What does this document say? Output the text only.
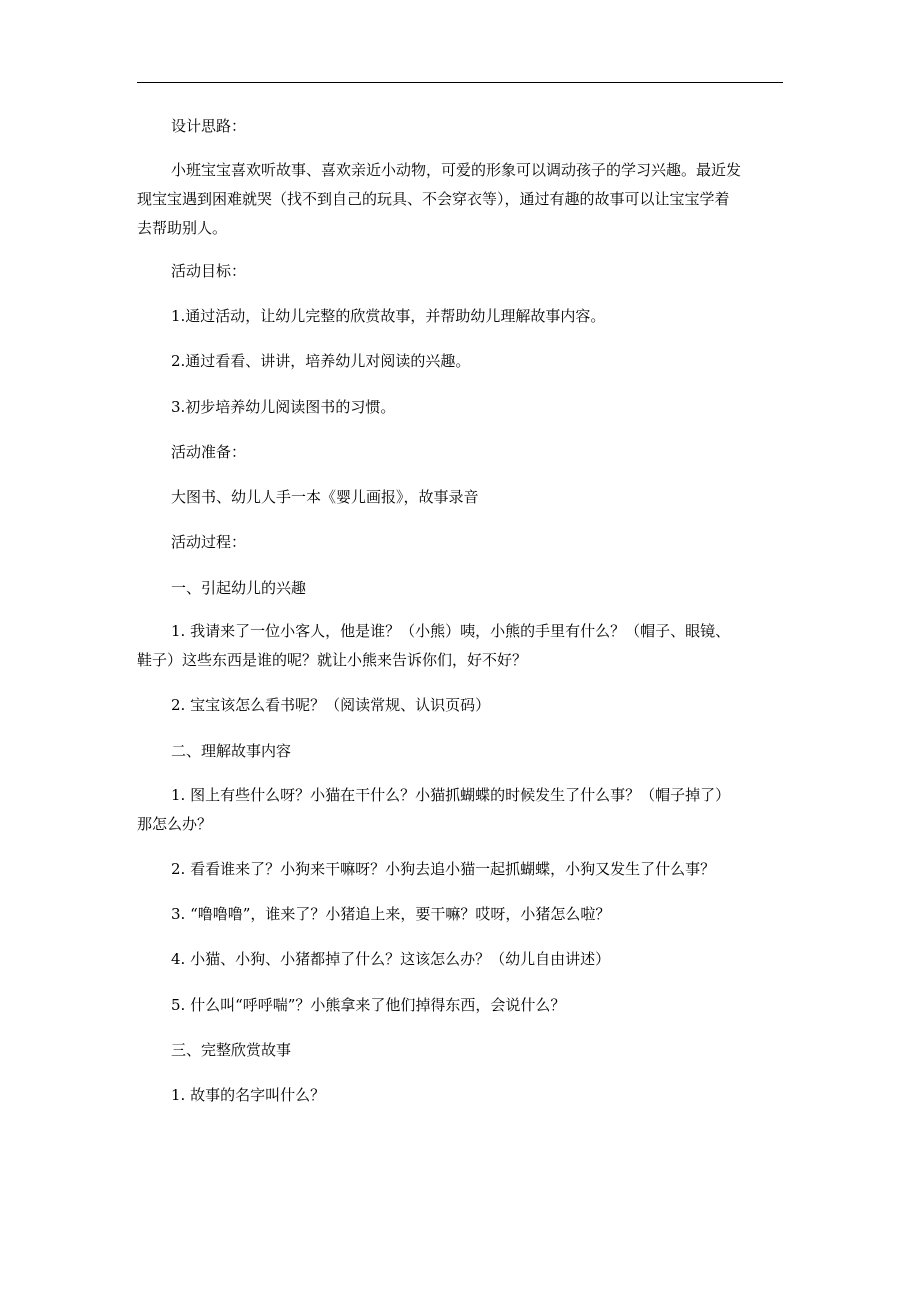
设计思路：
小班宝宝喜欢听故事、喜欢亲近小动物，可爱的形象可以调动孩子的学习兴趣。最近发
现宝宝遇到困难就哭（找不到自己的玩具、不会穿衣等），通过有趣的故事可以让宝宝学着
去帮助别人。
活动目标：
1.通过活动，让幼儿完整的欣赏故事，并帮助幼儿理解故事内容。
2.通过看看、讲讲，培养幼儿对阅读的兴趣。
3.初步培养幼儿阅读图书的习惯。
活动准备：
大图书、幼儿人手一本《婴儿画报》，故事录音
活动过程：
一、引起幼儿的兴趣
1. 我请来了一位小客人，他是谁？（小熊）咦，小熊的手里有什么？（帽子、眼镜、
鞋子）这些东西是谁的呢？就让小熊来告诉你们，好不好？
2. 宝宝该怎么看书呢？（阅读常规、认识页码）
二、理解故事内容
1. 图上有些什么呀？小猫在干什么？小猫抓蝴蝶的时候发生了什么事？（帽子掉了）
那怎么办？
2. 看看谁来了？小狗来干嘛呀？小狗去追小猫一起抓蝴蝶，小狗又发生了什么事？
3. “噜噜噜”，谁来了？小猪追上来，要干嘛？哎呀，小猪怎么啦？
4. 小猫、小狗、小猪都掉了什么？这该怎么办？（幼儿自由讲述）
5. 什么叫“呼呼喘”？小熊拿来了他们掉得东西，会说什么？
三、完整欣赏故事
1. 故事的名字叫什么？
